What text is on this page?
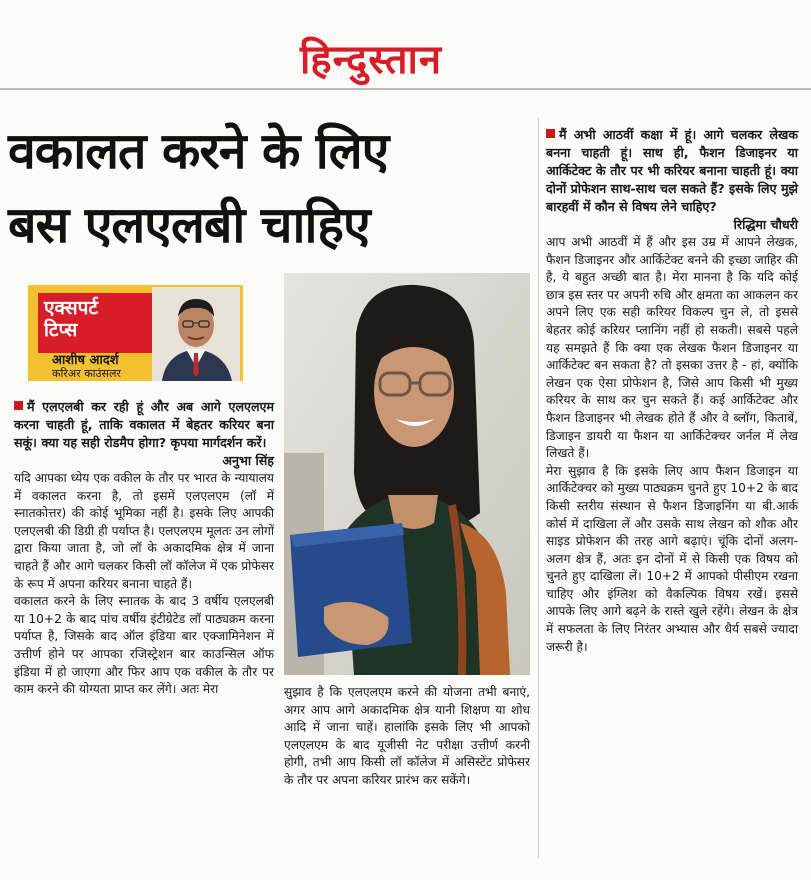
हिन्दुस्तान
वकालत करने के लिए
बस एलएलबी चाहिए
एक्सपर्ट
टिप्स
आशीष आदर्श
करिअर काउंसलर
मैं एलएलबी कर रही हूं और अब आगे एलएलएम करना चाहती हूं, ताकि वकालत में बेहतर करियर बना सकूं। क्या यह सही रोडमैप होगा? कृपया मार्गदर्शन करें।
अनुभा सिंह

यदि आपका ध्येय एक वकील के तौर पर भारत के न्यायालय में वकालत करना है, तो इसमें एलएलएम (लॉ में स्नातकोत्तर) की कोई भूमिका नहीं है। इसके लिए आपकी एलएलबी की डिग्री ही पर्याप्त है। एलएलएम मूलतः उन लोगों द्वारा किया जाता है, जो लॉ के अकादमिक क्षेत्र में जाना चाहते हैं और आगे चलकर किसी लॉ कॉलेज में एक प्रोफेसर के रूप में अपना करियर बनाना चाहते हैं।

वकालत करने के लिए स्नातक के बाद 3 वर्षीय एलएलबी या 10+2 के बाद पांच वर्षीय इंटीग्रेटेड लॉ पाठ्यक्रम करना पर्याप्त है, जिसके बाद ऑल इंडिया बार एक्जामिनेशन में उत्तीर्ण होने पर आपका रजिस्ट्रेशन बार काउन्सिल ऑफ इंडिया में हो जाएगा और फिर आप एक वकील के तौर पर काम करने की योग्यता प्राप्त कर लेंगे। अतः मेरा	सुझाव है कि एलएलएम करने की योजना तभी बनाएं, अगर आप आगे अकादमिक क्षेत्र यानी शिक्षण या शोध आदि में जाना चाहें। हालांकि इसके लिए भी आपको एलएलएम के बाद यूजीसी नेट परीक्षा उत्तीर्ण करनी होगी, तभी आप किसी लॉ कॉलेज में असिस्टेंट प्रोफेसर के तौर पर अपना करियर प्रारंभ कर सकेंगे।

मैं अभी आठवीं कक्षा में हूं। आगे चलकर लेखक बनना चाहती हूं। साथ ही, फैशन डिजाइनर या आर्किटेक्ट के तौर पर भी करियर बनाना चाहती हूं। क्या दोनों प्रोफेशन साथ-साथ चल सकते हैं? इसके लिए मुझे बारहवीं में कौन से विषय लेने चाहिए?
रिद्धिमा चौधरी

आप अभी आठवीं में हैं और इस उम्र में आपने लेखक, फैशन डिजाइनर और आर्किटेक्ट बनने की इच्छा जाहिर की है, ये बहुत अच्छी बात है। मेरा मानना है कि यदि कोई छात्र इस स्तर पर अपनी रुचि और क्षमता का आकलन कर अपने लिए एक सही करियर विकल्प चुन ले, तो इससे बेहतर कोई करियर प्लानिंग नहीं हो सकती। सबसे पहले यह समझते हैं कि क्या एक लेखक फैशन डिजाइनर या आर्किटेक्ट बन सकता है? तो इसका उत्तर है - हां, क्योंकि लेखन एक ऐसा प्रोफेशन है, जिसे आप किसी भी मुख्य करियर के साथ कर चुन सकते हैं। कई आर्किटेक्ट और फैशन डिजाइनर भी लेखक होते हैं और वे ब्लॉग, किताबें, डिजाइन डायरी या फैशन या आर्किटेक्चर जर्नल में लेख लिखते हैं।

मेरा सुझाव है कि इसके लिए आप फैशन डिजाइन या आर्किटेक्चर को मुख्य पाठ्यक्रम चुनते हुए 10+2 के बाद किसी स्तरीय संस्थान से फैशन डिजाइनिंग या बी.आर्क कोर्स में दाखिला लें और उसके साथ लेखन को शौक और साइड प्रोफेशन की तरह आगे बढ़ाएं। चूंकि दोनों अलग-अलग क्षेत्र हैं, अतः इन दोनों में से किसी एक विषय को चुनते हुए दाखिला लें। 10+2 में आपको पीसीएम रखना चाहिए और इंग्लिश को वैकल्पिक विषय रखें। इससे आपके लिए आगे बढ़ने के रास्ते खुले रहेंगे। लेखन के क्षेत्र में सफलता के लिए निरंतर अभ्यास और धैर्य सबसे ज्यादा जरूरी है।
